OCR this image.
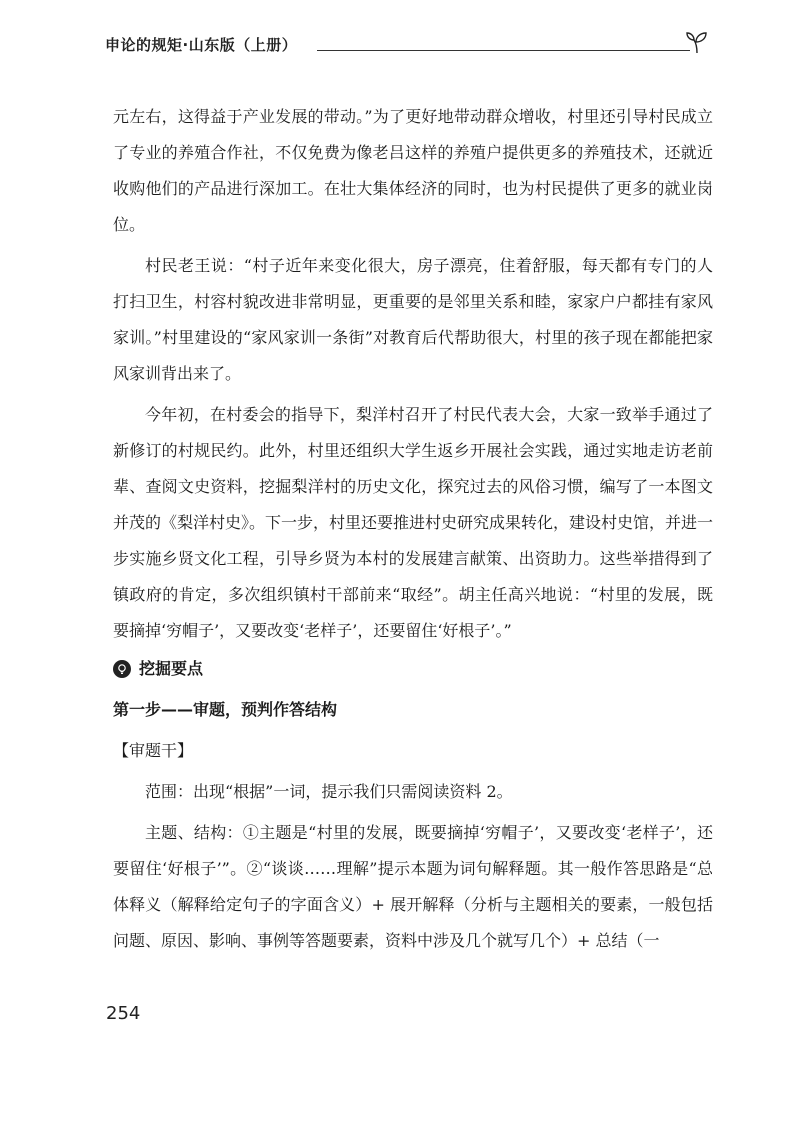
申论的规矩·山东版（上册）

元左右，这得益于产业发展的带动。”为了更好地带动群众增收，村里还引导村民成立了专业的养殖合作社，不仅免费为像老吕这样的养殖户提供更多的养殖技术，还就近收购他们的产品进行深加工。在壮大集体经济的同时，也为村民提供了更多的就业岗位。

村民老王说：“村子近年来变化很大，房子漂亮，住着舒服，每天都有专门的人打扫卫生，村容村貌改进非常明显，更重要的是邻里关系和睦，家家户户都挂有家风家训。”村里建设的“家风家训一条街”对教育后代帮助很大，村里的孩子现在都能把家风家训背出来了。

今年初，在村委会的指导下，梨洋村召开了村民代表大会，大家一致举手通过了新修订的村规民约。此外，村里还组织大学生返乡开展社会实践，通过实地走访老前辈、查阅文史资料，挖掘梨洋村的历史文化，探究过去的风俗习惯，编写了一本图文并茂的《梨洋村史》。下一步，村里还要推进村史研究成果转化，建设村史馆，并进一步实施乡贤文化工程，引导乡贤为本村的发展建言献策、出资助力。这些举措得到了镇政府的肯定，多次组织镇村干部前来“取经”。胡主任高兴地说：“村里的发展，既要摘掉‘穷帽子’，又要改变‘老样子’，还要留住‘好根子’。”

挖掘要点
第一步——审题，预判作答结构
【审题干】

范围：出现“根据”一词，提示我们只需阅读资料 2。

主题、结构：①主题是“村里的发展，既要摘掉‘穷帽子’，又要改变‘老样子’，还要留住‘好根子’”。②“谈谈……理解”提示本题为词句解释题。其一般作答思路是“总体释义（解释给定句子的字面含义）+ 展开解释（分析与主题相关的要素，一般包括问题、原因、影响、事例等答题要素，资料中涉及几个就写几个）+ 总结（一

254
